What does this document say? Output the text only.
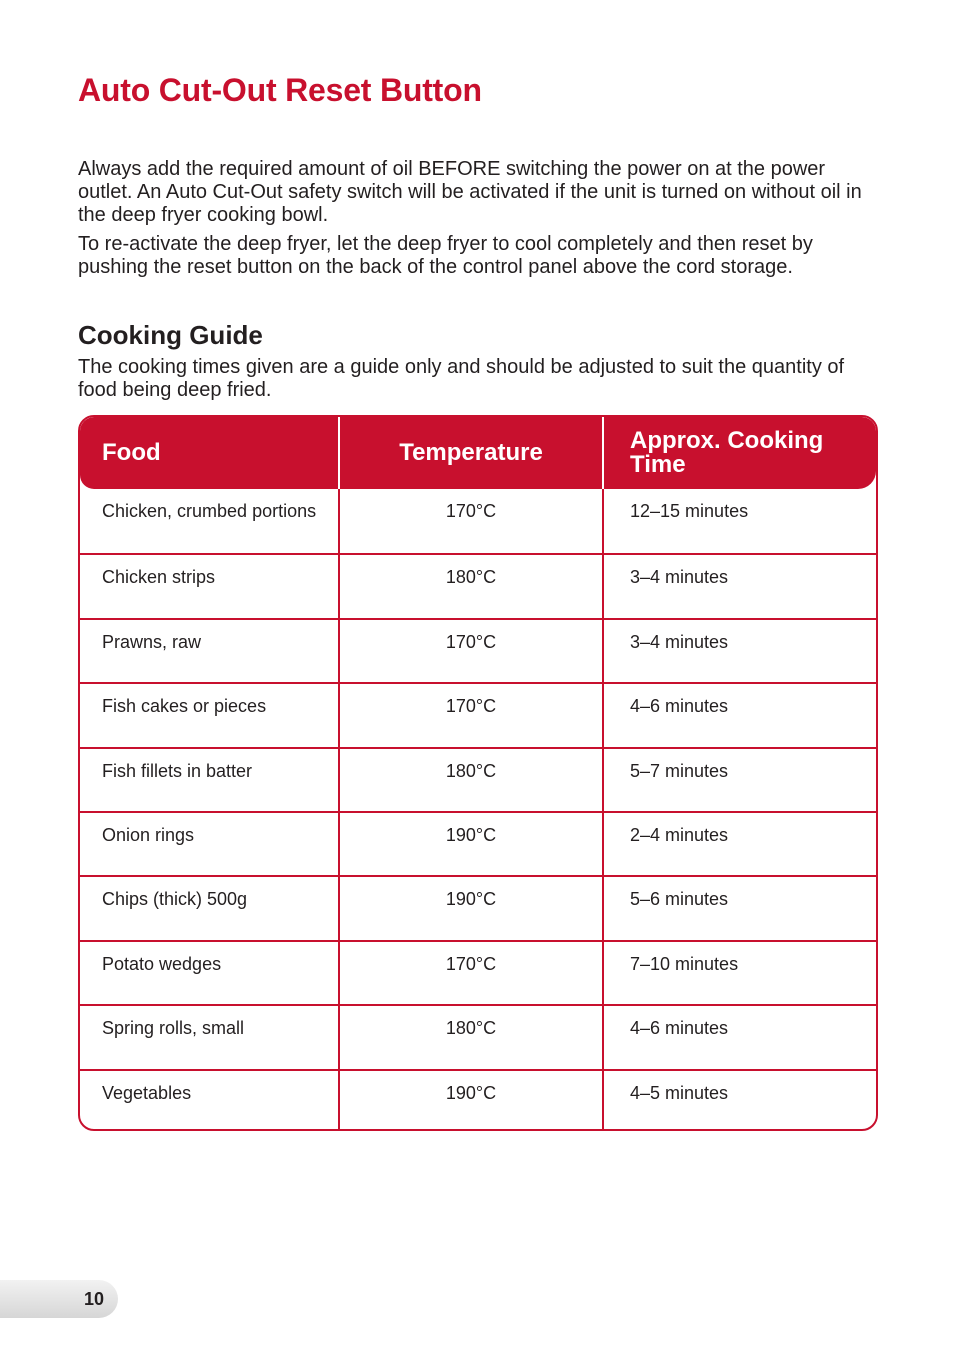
Auto Cut-Out Reset Button

Always add the required amount of oil BEFORE switching the power on at the power outlet. An Auto Cut-Out safety switch will be activated if the unit is turned on without oil in the deep fryer cooking bowl.

To re-activate the deep fryer, let the deep fryer to cool completely and then reset by pushing the reset button on the back of the control panel above the cord storage.

Cooking Guide

The cooking times given are a guide only and should be adjusted to suit the quantity of food being deep fried.

Food	Temperature	Approx. Cooking Time
Chicken, crumbed portions	170°C	12–15 minutes
Chicken strips	180°C	3–4 minutes
Prawns, raw	170°C	3–4 minutes
Fish cakes or pieces	170°C	4–6 minutes
Fish fillets in batter	180°C	5–7 minutes
Onion rings	190°C	2–4 minutes
Chips (thick) 500g	190°C	5–6 minutes
Potato wedges	170°C	7–10 minutes
Spring rolls, small	180°C	4–6 minutes
Vegetables	190°C	4–5 minutes
10
